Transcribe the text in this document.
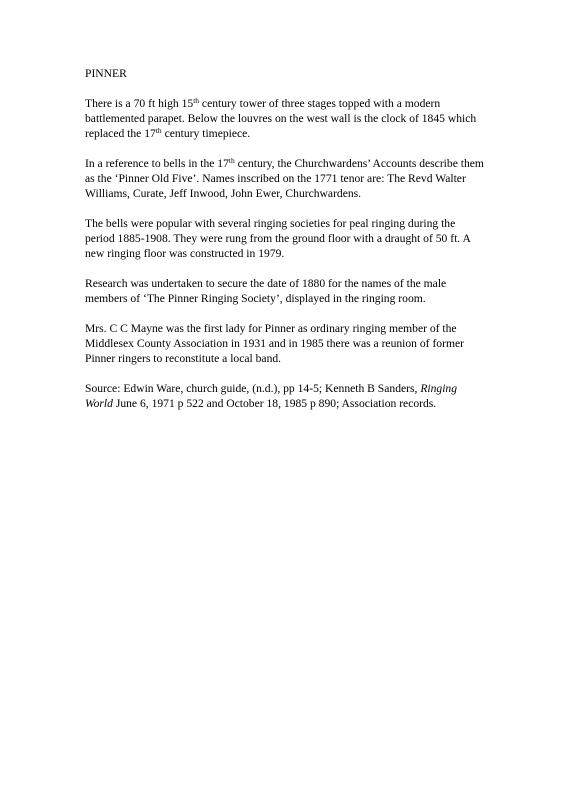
PINNER

There is a 70 ft high 15th century tower of three stages topped with a modern
battlemented parapet. Below the louvres on the west wall is the clock of 1845 which
replaced the 17th century timepiece.

In a reference to bells in the 17th century, the Churchwardens’ Accounts describe them
as the ‘Pinner Old Five’. Names inscribed on the 1771 tenor are: The Revd Walter
Williams, Curate, Jeff Inwood, John Ewer, Churchwardens.

The bells were popular with several ringing societies for peal ringing during the
period 1885-1908. They were rung from the ground floor with a draught of 50 ft. A
new ringing floor was constructed in 1979.

Research was undertaken to secure the date of 1880 for the names of the male
members of ‘The Pinner Ringing Society’, displayed in the ringing room.

Mrs. C C Mayne was the first lady for Pinner as ordinary ringing member of the
Middlesex County Association in 1931 and in 1985 there was a reunion of former
Pinner ringers to reconstitute a local band.

Source: Edwin Ware, church guide, (n.d.), pp 14-5; Kenneth B Sanders, Ringing
World June 6, 1971 p 522 and October 18, 1985 p 890; Association records.
